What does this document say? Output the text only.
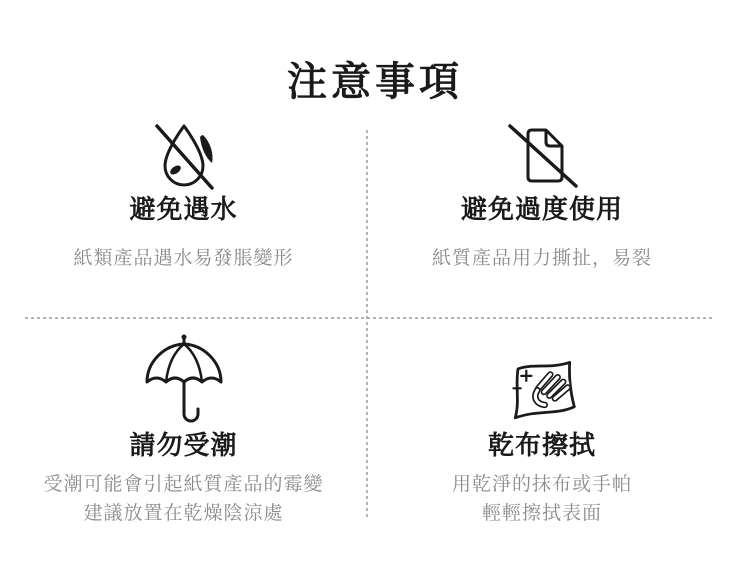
注意事項
避免遇水
紙類產品遇水易發脹變形
避免過度使用
紙質產品用力撕扯，易裂
請勿受潮
受潮可能會引起紙質產品的霉變
建議放置在乾燥陰涼處
乾布擦拭
用乾淨的抹布或手帕
輕輕擦拭表面
